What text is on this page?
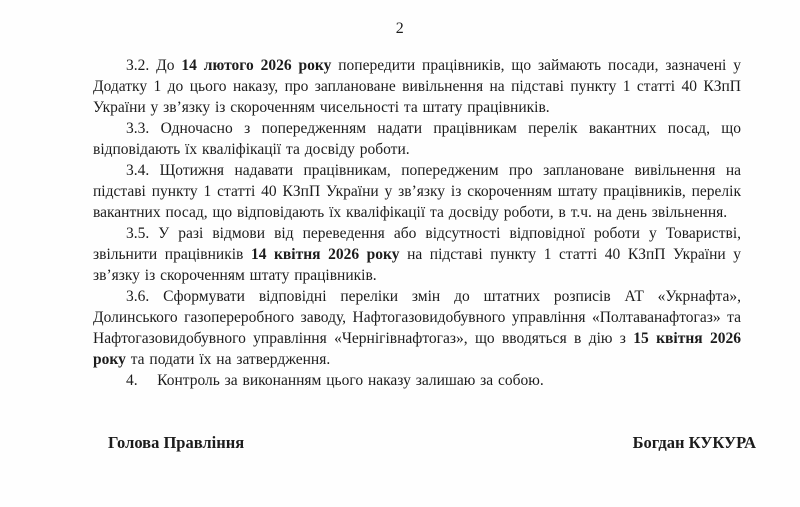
2

3.2. До 14 лютого 2026 року попередити працівників, що займають посади, зазначені у Додатку 1 до цього наказу, про заплановане вивільнення на підставі пункту 1 статті 40 КЗпП України у зв’язку із скороченням чисельності та штату працівників.

3.3. Одночасно з попередженням надати працівникам перелік вакантних посад, що відповідають їх кваліфікації та досвіду роботи.

3.4. Щотижня надавати працівникам, попередженим про заплановане вивільнення на підставі пункту 1 статті 40 КЗпП України у зв’язку із скороченням штату працівників, перелік вакантних посад, що відповідають їх кваліфікації та досвіду роботи, в т.ч. на день звільнення.

3.5. У разі відмови від переведення або відсутності відповідної роботи у Товаристві, звільнити працівників 14 квітня 2026 року на підставі пункту 1 статті 40 КЗпП України у зв’язку із скороченням штату працівників.

3.6. Сформувати відповідні переліки змін до штатних розписів АТ «Укрнафта», Долинського газопереробного заводу, Нафтогазовидобувного управління «Полтаванафтогаз» та Нафтогазовидобувного управління «Чернігівнафтогаз», що вводяться в дію з 15 квітня 2026 року та подати їх на затвердження.

4.    Контроль за виконанням цього наказу залишаю за собою.

Голова Правління	Богдан КУКУРА
